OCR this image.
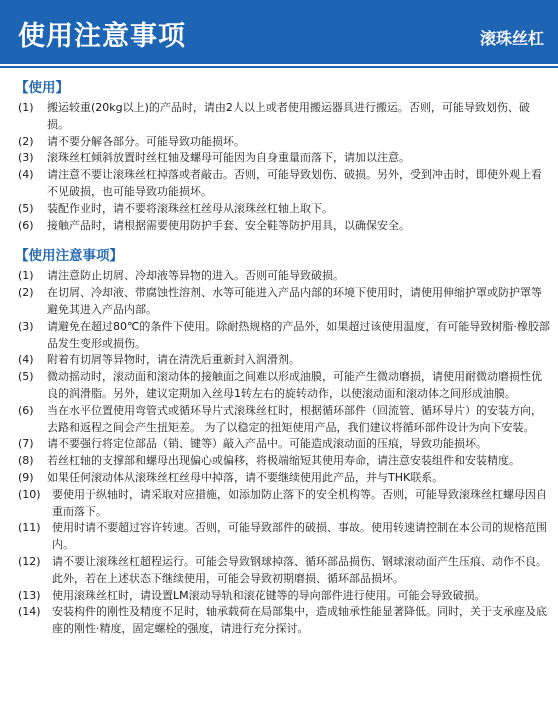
使用注意事项	滚珠丝杠
【使用】
(1) 搬运较重(20kg以上)的产品时，请由2人以上或者使用搬运器具进行搬运。否则，可能导致划伤、破损。
(2) 请不要分解各部分。可能导致功能损坏。
(3) 滚珠丝杠倾斜放置时丝杠轴及螺母可能因为自身重量而落下，请加以注意。
(4) 请注意不要让滚珠丝杠掉落或者敲击。否则，可能导致划伤、破损。另外，受到冲击时，即使外观上看不见破损，也可能导致功能损坏。
(5) 装配作业时，请不要将滚珠丝杠丝母从滚珠丝杠轴上取下。
(6) 接触产品时，请根据需要使用防护手套、安全鞋等防护用具，以确保安全。
【使用注意事项】
(1) 请注意防止切屑、冷却液等异物的进入。否则可能导致破损。
(2) 在切屑、冷却液、带腐蚀性溶剂、水等可能进入产品内部的环境下使用时，请使用伸缩护罩或防护罩等避免其进入产品内部。
(3) 请避免在超过80℃的条件下使用。除耐热规格的产品外，如果超过该使用温度，有可能导致树脂·橡胶部品发生变形或损伤。
(4) 附着有切屑等异物时，请在清洗后重新封入润滑剂。
(5) 微动摇动时，滚动面和滚动体的接触面之间难以形成油膜，可能产生微动磨损，请使用耐微动磨损性优良的润滑脂。另外，建议定期加入丝母1转左右的旋转动作，以使滚动面和滚动体之间形成油膜。
(6) 当在水平位置使用弯管式或循环导片式滚珠丝杠时，根据循环部件（回流管、循环导片）的安装方向，去路和返程之间会产生扭矩差。 为了以稳定的扭矩使用产品，我们建议将循环部件设计为向下安装。
(7) 请不要强行将定位部品（销、键等）敲入产品中。可能造成滚动面的压痕，导致功能损坏。
(8) 若丝杠轴的支撑部和螺母出现偏心或偏移，将极端缩短其使用寿命，请注意安装组件和安装精度。
(9) 如果任何滚动体从滚珠丝杠丝母中掉落，请不要继续使用此产品，并与THK联系。
(10) 要使用于纵轴时，请采取对应措施，如添加防止落下的安全机构等。否则，可能导致滚珠丝杠螺母因自重而落下。
(11) 使用时请不要超过容许转速。否则，可能导致部件的破损、事故。使用转速请控制在本公司的规格范围内。
(12) 请不要让滚珠丝杠超程运行。可能会导致钢球掉落、循环部品损伤、钢球滚动面产生压痕、动作不良。此外，若在上述状态下继续使用，可能会导致初期磨损、循环部品损坏。
(13) 使用滚珠丝杠时，请设置LM滚动导轨和滚花键等的导向部件进行使用。可能会导致破损。
(14) 安装构件的刚性及精度不足时，轴承载荷在局部集中，造成轴承性能显著降低。同时，关于支承座及底座的刚性·精度，固定螺栓的强度，请进行充分探讨。
